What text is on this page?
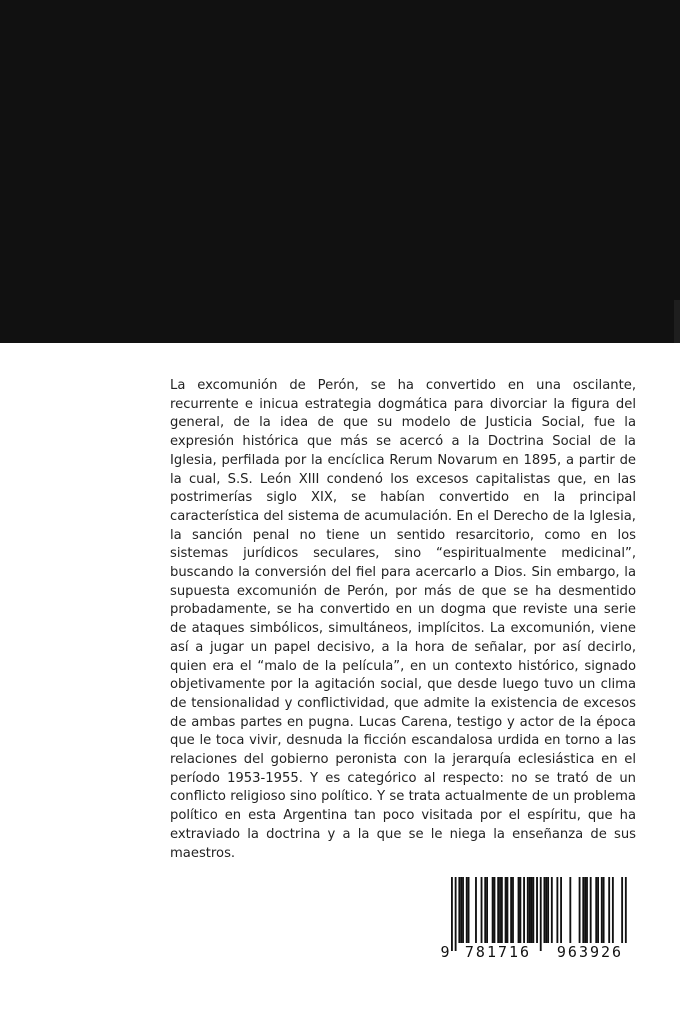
La excomunión de Perón, se ha convertido en una oscilante, recurrente e inicua estrategia dogmática para divorciar la figura del general, de la idea de que su modelo de Justicia Social, fue la expresión histórica que más se acercó a la Doctrina Social de la Iglesia, perfilada por la encíclica Rerum Novarum en 1895, a partir de la cual, S.S. León XIII condenó los excesos capitalistas que, en las postrimerías siglo XIX, se habían convertido en la principal característica del sistema de acumulación. En el Derecho de la Iglesia, la sanción penal no tiene un sentido resarcitorio, como en los sistemas jurídicos seculares, sino “espiritualmente medicinal”, buscando la conversión del fiel para acercarlo a Dios. Sin embargo, la supuesta excomunión de Perón, por más de que se ha desmentido probadamente, se ha convertido en un dogma que reviste una serie de ataques simbólicos, simultáneos, implícitos. La excomunión, viene así a jugar un papel decisivo, a la hora de señalar, por así decirlo, quien era el “malo de la película”, en un contexto histórico, signado objetivamente por la agitación social, que desde luego tuvo un clima de tensionalidad y conflictividad, que admite la existencia de excesos de ambas partes en pugna. Lucas Carena, testigo y actor de la época que le toca vivir, desnuda la ficción escandalosa urdida en torno a las relaciones del gobierno peronista con la jerarquía eclesiástica en el período 1953-1955. Y es categórico al respecto: no se trató de un conflicto religioso sino político. Y se trata actualmente de un problema político en esta Argentina tan poco visitada por el espíritu, que ha extraviado la doctrina y a la que se le niega la enseñanza de sus maestros.

9	781716	963926
